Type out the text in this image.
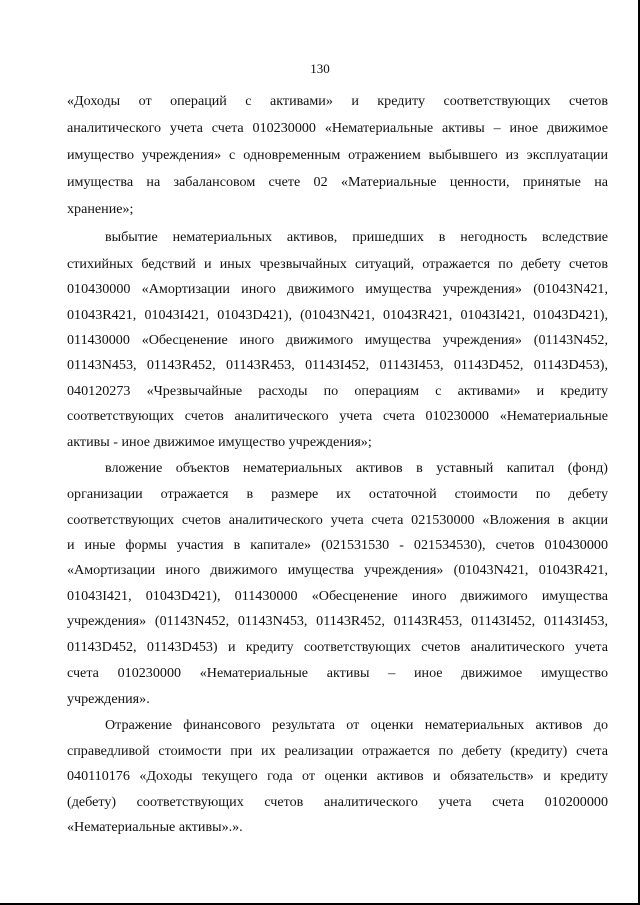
130
«Доходы от операций с активами» и кредиту соответствующих счетов
аналитического учета счета 010230000 «Нематериальные активы – иное движимое
имущество учреждения» с одновременным отражением выбывшего из эксплуатации
имущества на забалансовом счете 02 «Материальные ценности, принятые на
хранение»;
выбытие нематериальных активов, пришедших в негодность вследствие
стихийных бедствий и иных чрезвычайных ситуаций, отражается по дебету счетов
010430000 «Амортизации иного движимого имущества учреждения» (01043N421,
01043R421, 01043I421, 01043D421), (01043N421, 01043R421, 01043I421, 01043D421),
011430000 «Обесценение иного движимого имущества учреждения» (01143N452,
01143N453, 01143R452, 01143R453, 01143I452, 01143I453, 01143D452, 01143D453),
040120273 «Чрезвычайные расходы по операциям с активами» и кредиту
соответствующих счетов аналитического учета счета 010230000 «Нематериальные
активы - иное движимое имущество учреждения»;
вложение объектов нематериальных активов в уставный капитал (фонд)
организации отражается в размере их остаточной стоимости по дебету
соответствующих счетов аналитического учета счета 021530000 «Вложения в акции
и иные формы участия в капитале» (021531530 - 021534530), счетов 010430000
«Амортизации иного движимого имущества учреждения» (01043N421, 01043R421,
01043I421, 01043D421), 011430000 «Обесценение иного движимого имущества
учреждения» (01143N452, 01143N453, 01143R452, 01143R453, 01143I452, 01143I453,
01143D452, 01143D453) и кредиту соответствующих счетов аналитического учета
счета 010230000 «Нематериальные активы – иное движимое имущество
учреждения».
Отражение финансового результата от оценки нематериальных активов до
справедливой стоимости при их реализации отражается по дебету (кредиту) счета
040110176 «Доходы текущего года от оценки активов и обязательств» и кредиту
(дебету) соответствующих счетов аналитического учета счета 010200000
«Нематериальные активы».».
